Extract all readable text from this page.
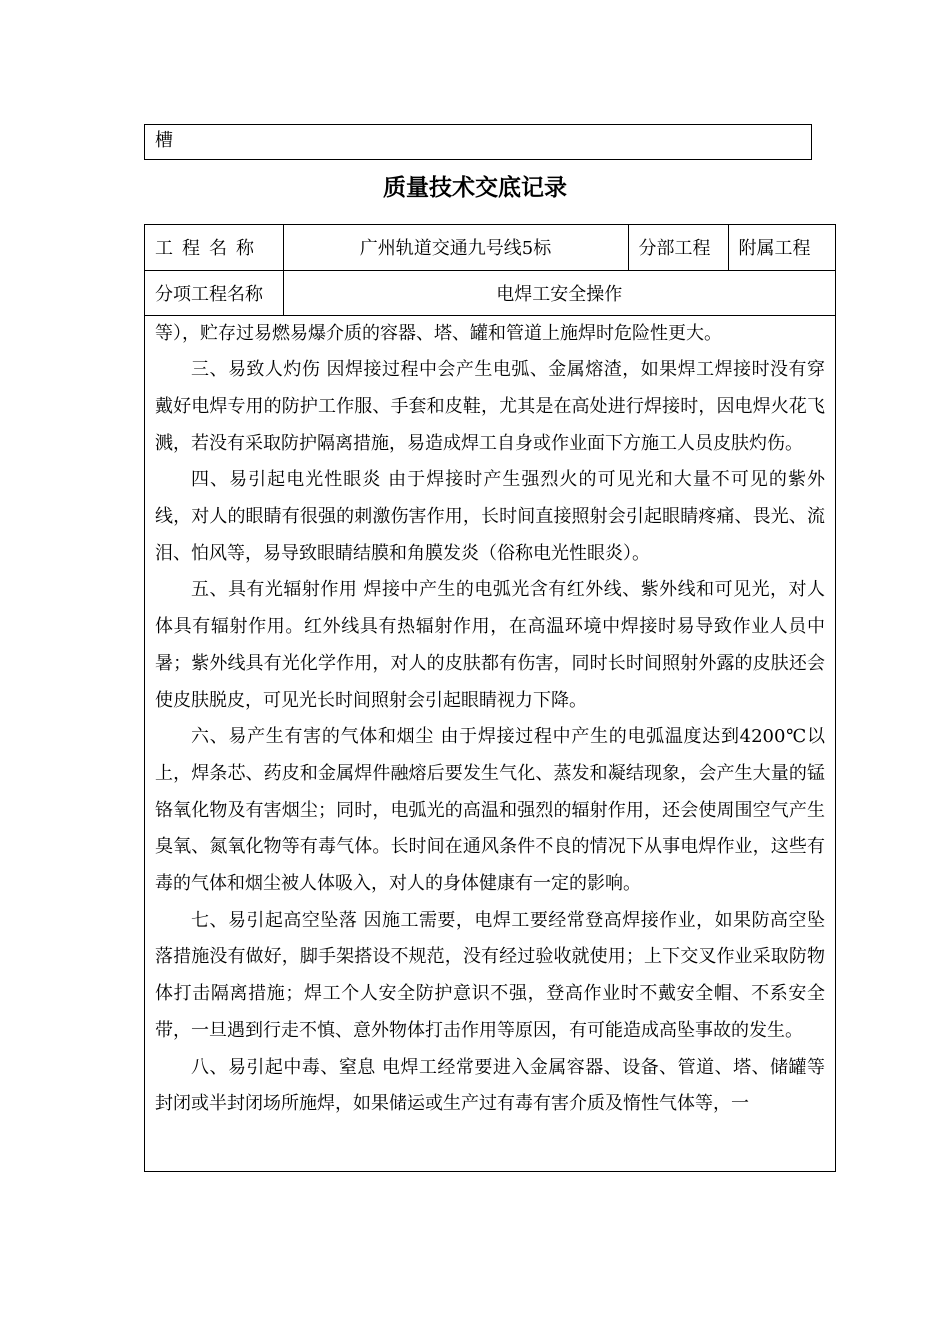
槽
质量技术交底记录
工程名称	广州轨道交通九号线5标	分部工程	附属工程
分项工程名称	电焊工安全操作		

等），贮存过易燃易爆介质的容器、塔、罐和管道上施焊时危险性更大。

三、易致人灼伤 因焊接过程中会产生电弧、金属熔渣，如果焊工焊接时没有穿戴好电焊专用的防护工作服、手套和皮鞋，尤其是在高处进行焊接时，因电焊火花飞溅，若没有采取防护隔离措施，易造成焊工自身或作业面下方施工人员皮肤灼伤。

四、易引起电光性眼炎 由于焊接时产生强烈火的可见光和大量不可见的紫外线，对人的眼睛有很强的刺激伤害作用，长时间直接照射会引起眼睛疼痛、畏光、流泪、怕风等，易导致眼睛结膜和角膜发炎（俗称电光性眼炎）。

五、具有光辐射作用 焊接中产生的电弧光含有红外线、紫外线和可见光，对人体具有辐射作用。红外线具有热辐射作用，在高温环境中焊接时易导致作业人员中暑；紫外线具有光化学作用，对人的皮肤都有伤害，同时长时间照射外露的皮肤还会使皮肤脱皮，可见光长时间照射会引起眼睛视力下降。

六、易产生有害的气体和烟尘 由于焊接过程中产生的电弧温度达到4200℃以上，焊条芯、药皮和金属焊件融熔后要发生气化、蒸发和凝结现象，会产生大量的锰铬氧化物及有害烟尘；同时，电弧光的高温和强烈的辐射作用，还会使周围空气产生臭氧、氮氧化物等有毒气体。长时间在通风条件不良的情况下从事电焊作业，这些有毒的气体和烟尘被人体吸入，对人的身体健康有一定的影响。

七、易引起高空坠落 因施工需要，电焊工要经常登高焊接作业，如果防高空坠落措施没有做好，脚手架搭设不规范，没有经过验收就使用；上下交叉作业采取防物体打击隔离措施；焊工个人安全防护意识不强，登高作业时不戴安全帽、不系安全带，一旦遇到行走不慎、意外物体打击作用等原因，有可能造成高坠事故的发生。

八、易引起中毒、窒息 电焊工经常要进入金属容器、设备、管道、塔、储罐等封闭或半封闭场所施焊，如果储运或生产过有毒有害介质及惰性气体等，一
